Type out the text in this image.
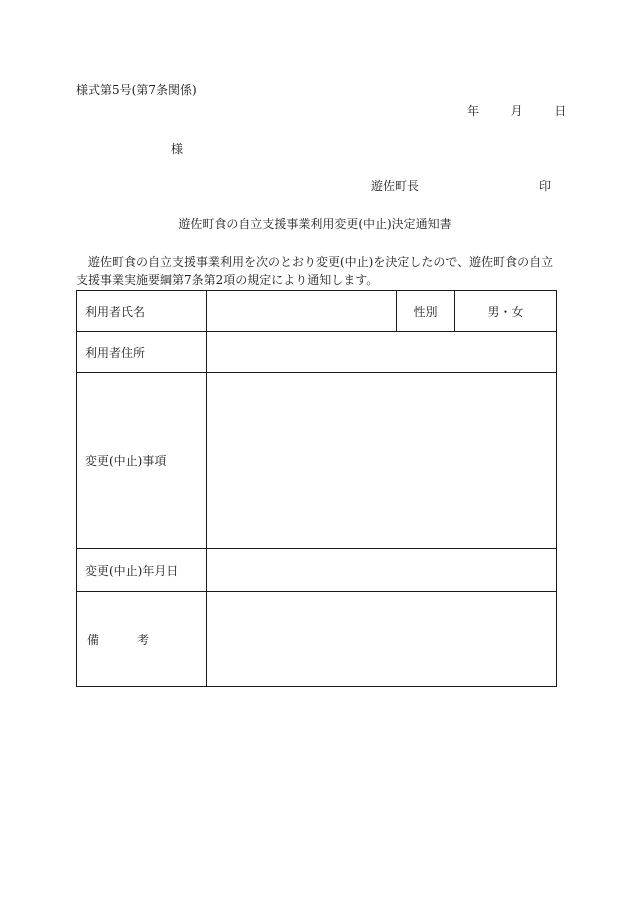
様式第5号(第7条関係)
年	月	日
様
遊佐町長	印
遊佐町食の自立支援事業利用変更(中止)決定通知書
遊佐町食の自立支援事業利用を次のとおり変更(中止)を決定したので、遊佐町食の自立
支援事業実施要綱第7条第2項の規定により通知します。
利用者氏名		性別	男・女
利用者住所			
変更(中止)事項			
変更(中止)年月日			

備 考			
